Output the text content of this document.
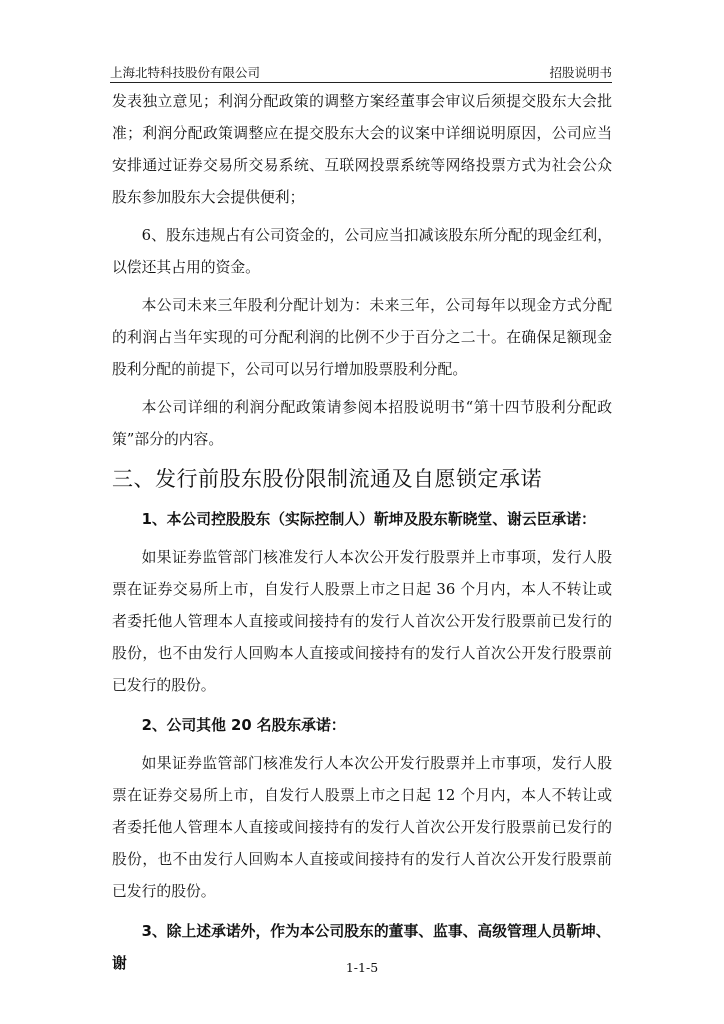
上海北特科技股份有限公司	招股说明书

发表独立意见；利润分配政策的调整方案经董事会审议后须提交股东大会批准；利润分配政策调整应在提交股东大会的议案中详细说明原因，公司应当安排通过证券交易所交易系统、互联网投票系统等网络投票方式为社会公众股东参加股东大会提供便利；

6、股东违规占有公司资金的，公司应当扣减该股东所分配的现金红利，以偿还其占用的资金。

本公司未来三年股利分配计划为：未来三年，公司每年以现金方式分配的利润占当年实现的可分配利润的比例不少于百分之二十。在确保足额现金股利分配的前提下，公司可以另行增加股票股利分配。

本公司详细的利润分配政策请参阅本招股说明书“第十四节股利分配政策”部分的内容。

三、发行前股东股份限制流通及自愿锁定承诺
1、本公司控股股东（实际控制人）靳坤及股东靳晓堂、谢云臣承诺：

如果证券监管部门核准发行人本次公开发行股票并上市事项，发行人股票在证券交易所上市，自发行人股票上市之日起 36 个月内，本人不转让或者委托他人管理本人直接或间接持有的发行人首次公开发行股票前已发行的股份，也不由发行人回购本人直接或间接持有的发行人首次公开发行股票前已发行的股份。

2、公司其他 20 名股东承诺：

如果证券监管部门核准发行人本次公开发行股票并上市事项，发行人股票在证券交易所上市，自发行人股票上市之日起 12 个月内，本人不转让或者委托他人管理本人直接或间接持有的发行人首次公开发行股票前已发行的股份，也不由发行人回购本人直接或间接持有的发行人首次公开发行股票前已发行的股份。

3、除上述承诺外，作为本公司股东的董事、监事、高级管理人员靳坤、谢	1-1-5
